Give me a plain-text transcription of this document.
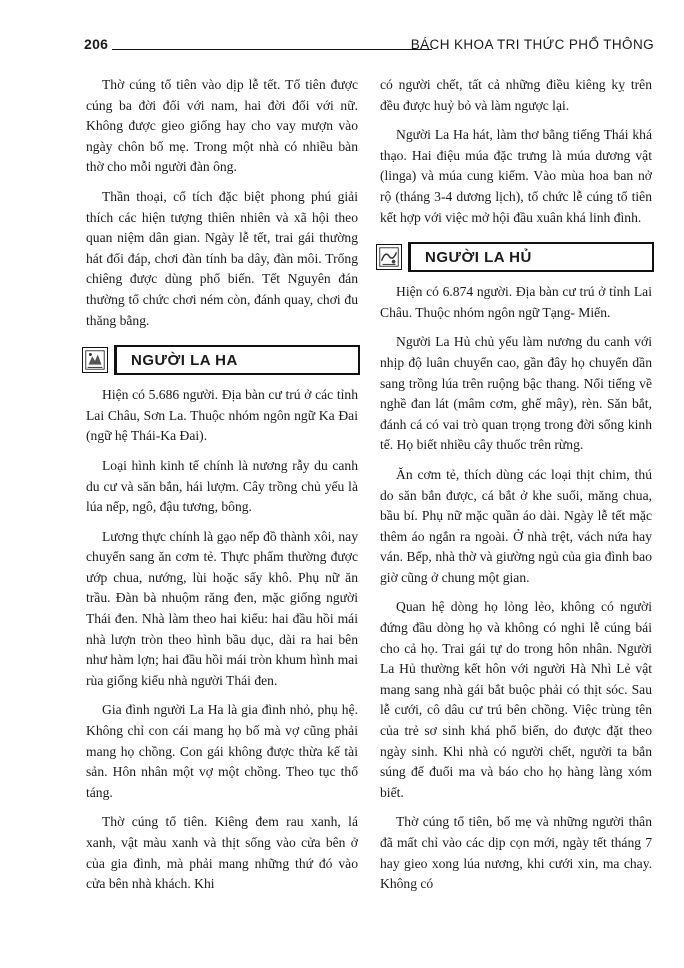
206	BÁCH KHOA TRI THỨC PHỔ THÔNG

Thờ cúng tổ tiên vào dịp lễ tết. Tổ tiên được cúng ba đời đối với nam, hai đời đối với nữ. Không được gieo giống hay cho vay mượn vào ngày chôn bố mẹ. Trong một nhà có nhiều bàn thờ cho mỗi người đàn ông.

Thần thoại, cổ tích đặc biệt phong phú giải thích các hiện tượng thiên nhiên và xã hội theo quan niệm dân gian. Ngày lễ tết, trai gái thường hát đối đáp, chơi đàn tính ba dây, đàn môi. Trống chiêng được dùng phổ biến. Tết Nguyên đán thường tổ chức chơi ném còn, đánh quay, chơi đu thăng bằng.

NGƯỜI LA HA

Hiện có 5.686 người. Địa bàn cư trú ở các tỉnh Lai Châu, Sơn La. Thuộc nhóm ngôn ngữ Ka Đai (ngữ hệ Thái-Ka Đai).

Loại hình kinh tế chính là nương rẫy du canh du cư và săn bắn, hái lượm. Cây trồng chủ yếu là lúa nếp, ngô, đậu tương, bông.

Lương thực chính là gạo nếp đồ thành xôi, nay chuyển sang ăn cơm tẻ. Thực phẩm thường được ướp chua, nướng, lùi hoặc sấy khô. Phụ nữ ăn trầu. Đàn bà nhuộm răng đen, mặc giống người Thái đen. Nhà làm theo hai kiểu: hai đầu hồi mái nhà lượn tròn theo hình bầu dục, dài ra hai bên như hàm lợn; hai đầu hồi mái tròn khum hình mai rùa giống kiểu nhà người Thái đen.

Gia đình người La Ha là gia đình nhỏ, phụ hệ. Không chỉ con cái mang họ bố mà vợ cũng phải mang họ chồng. Con gái không được thừa kế tài sản. Hôn nhân một vợ một chồng. Theo tục thổ táng.

Thờ cúng tổ tiên. Kiêng đem rau xanh, lá xanh, vật màu xanh và thịt sống vào cửa bên ở của gia đình, mà phải mang những thứ đó vào cửa bên nhà khách. Khi

có người chết, tất cả những điều kiêng kỵ trên đều được huỷ bỏ và làm ngược lại.

Người La Ha hát, làm thơ bằng tiếng Thái khá thạo. Hai điệu múa đặc trưng là múa dương vật (linga) và múa cung kiếm. Vào mùa hoa ban nở rộ (tháng 3-4 dương lịch), tổ chức lễ cúng tổ tiên kết hợp với việc mở hội đầu xuân khá linh đình.

NGƯỜI LA HỦ

Hiện có 6.874 người. Địa bàn cư trú ở tỉnh Lai Châu. Thuộc nhóm ngôn ngữ Tạng- Miến.

Người La Hủ chủ yếu làm nương du canh với nhịp độ luân chuyển cao, gần đây họ chuyển dần sang trồng lúa trên ruộng bậc thang. Nổi tiếng về nghề đan lát (mâm cơm, ghế mây), rèn. Săn bắt, đánh cá có vai trò quan trọng trong đời sống kinh tế. Họ biết nhiều cây thuốc trên rừng.

Ăn cơm tẻ, thích dùng các loại thịt chim, thú do săn bắn được, cá bắt ở khe suối, măng chua, bầu bí. Phụ nữ mặc quần áo dài. Ngày lễ tết mặc thêm áo ngắn ra ngoài. Ở nhà trệt, vách nứa hay ván. Bếp, nhà thờ và giường ngủ của gia đình bao giờ cũng ở chung một gian.

Quan hệ dòng họ lỏng lẻo, không có người đứng đầu dòng họ và không có nghi lễ cúng bái cho cả họ. Trai gái tự do trong hôn nhân. Người La Hủ thường kết hôn với người Hà Nhì Lẻ vật mang sang nhà gái bắt buộc phải có thịt sóc. Sau lễ cưới, cô dâu cư trú bên chồng. Việc trùng tên của trẻ sơ sinh khá phổ biến, do được đặt theo ngày sinh. Khi nhà có người chết, người ta bắn súng để đuổi ma và báo cho họ hàng làng xóm biết.

Thờ cúng tổ tiên, bố mẹ và những người thân đã mất chỉ vào các dịp cọn mới, ngày tết tháng 7 hay gieo xong lúa nương, khi cưới xin, ma chay. Không có
